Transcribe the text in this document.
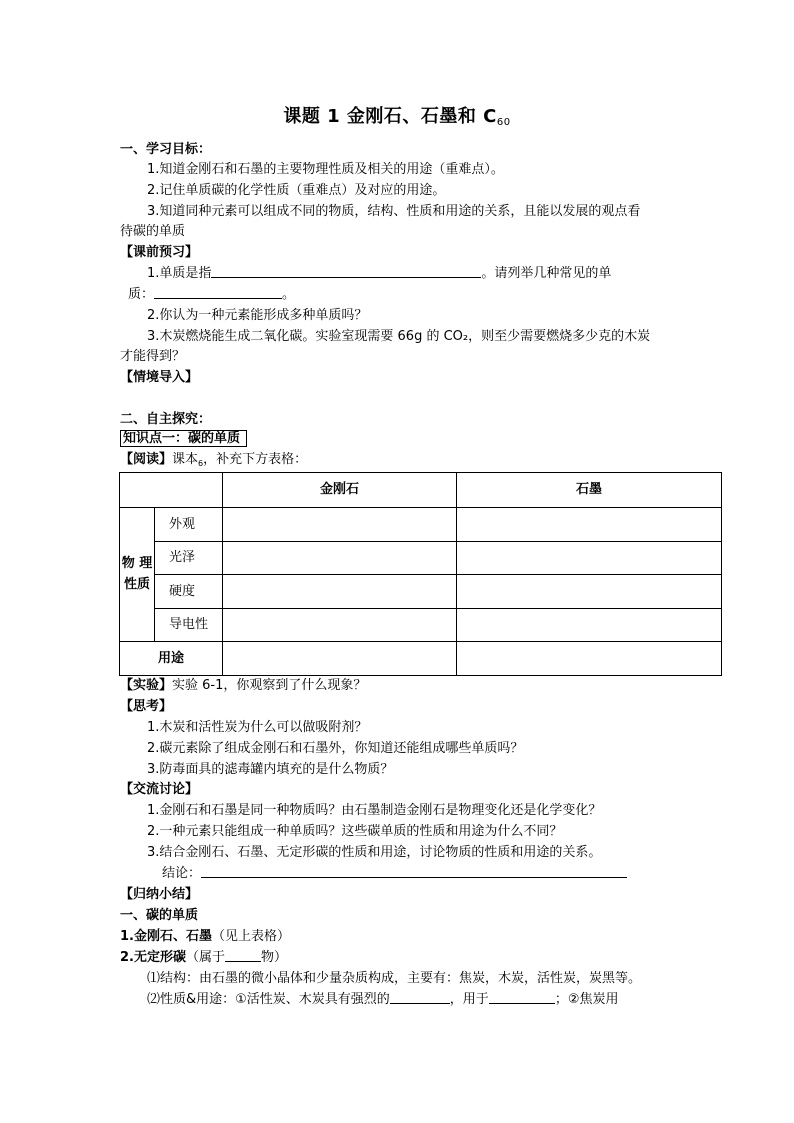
课题 1 金刚石、石墨和 $C_{60}$
一、学习目标：
1.知道金刚石和石墨的主要物理性质及相关的用途（重难点）。
2.记住单质碳的化学性质（重难点）及对应的用途。
3.知道同种元素可以组成不同的物质，结构、性质和用途的关系，且能以发展的观点看
待碳的单质
【课前预习】
1.单质是指	。请列举几种常见的单
质：	。
2.你认为一种元素能形成多种单质吗？
3.木炭燃烧能生成二氧化碳。实验室现需要 66g 的 CO₂，则至少需要燃烧多少克的木炭
才能得到？
【情境导入】
二、自主探究：
知识点一：碳的单质
【阅读】课本$_6$，补充下方表格：
		金刚石	石墨

物 理
性质	外观		
	光泽		
	硬度		
	导电性		
用途			
【实验】实验 6-1，你观察到了什么现象？
【思考】
1.木炭和活性炭为什么可以做吸附剂？
2.碳元素除了组成金刚石和石墨外，你知道还能组成哪些单质吗？
3.防毒面具的滤毒罐内填充的是什么物质？
【交流讨论】
1.金刚石和石墨是同一种物质吗？由石墨制造金刚石是物理变化还是化学变化？
2.一种元素只能组成一种单质吗？这些碳单质的性质和用途为什么不同？
3.结合金刚石、石墨、无定形碳的性质和用途，讨论物质的性质和用途的关系。
结论：
【归纳小结】
一、碳的单质
1.金刚石、石墨（见上表格）
2.无定形碳（属于	物）
⑴结构：由石墨的微小晶体和少量杂质构成，主要有：焦炭，木炭，活性炭，炭黑等。
⑵性质&用途：①活性炭、木炭具有强烈的	，用于	；②焦炭用
